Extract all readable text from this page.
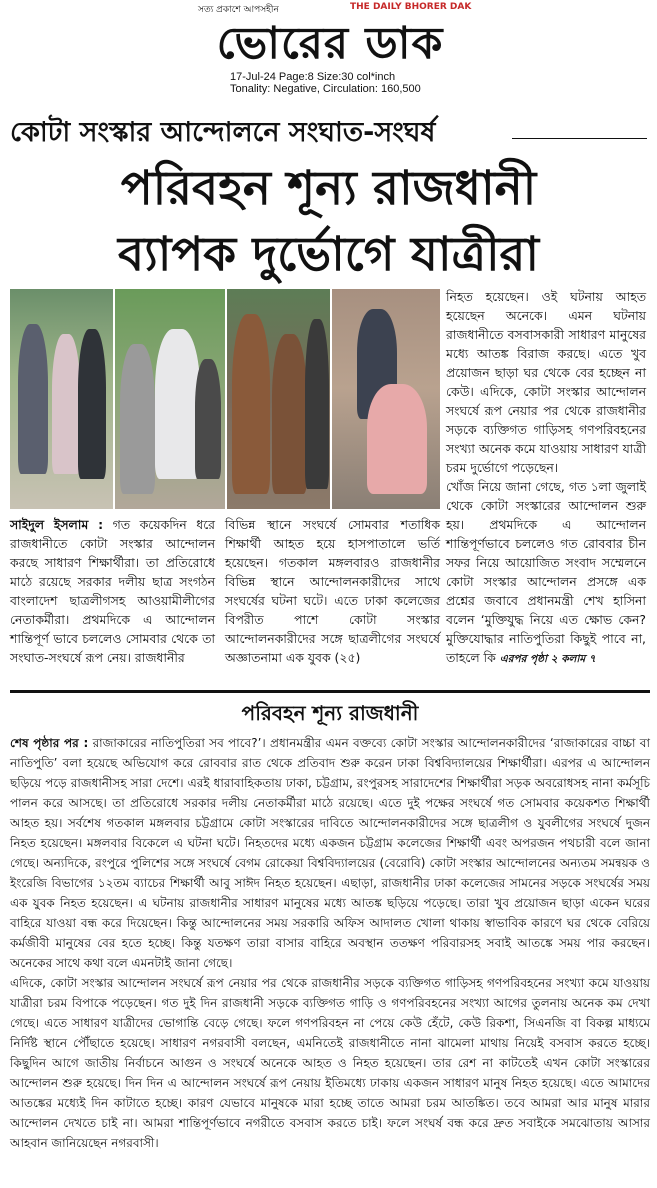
সত্য প্রকাশে আপসহীন	THE DAILY BHORER DAK
ভোরের ডাক
17-Jul-24 Page:8 Size:30 col*inch
Tonality: Negative, Circulation: 160,500
কোটা সংস্কার আন্দোলনে সংঘাত-সংঘর্ষ
পরিবহন শূন্য রাজধানী
ব্যাপক দুর্ভোগে যাত্রীরা

সাইদুল ইসলাম : গত কয়েকদিন ধরে রাজধানীতে কোটা সংস্কার আন্দোলন করছে সাধারণ শিক্ষার্থীরা। তা প্রতিরোধে মাঠে রয়েছে সরকার দলীয় ছাত্র সংগঠন বাংলাদেশ ছাত্রলীগসহ আওয়ামীলীগের নেতাকর্মীরা। প্রথমদিকে এ আন্দোলন শান্তিপূর্ণ ভাবে চললেও সোমবার থেকে তা সংঘাত-সংঘর্ষে রূপ নেয়। রাজধানীর

বিভিন্ন স্থানে সংঘর্ষে সোমবার শতাধিক শিক্ষার্থী আহত হয়ে হাসপাতালে ভর্তি হয়েছেন। গতকাল মঙ্গলবারও রাজধানীর বিভিন্ন স্থানে আন্দোলনকারীদের সাথে সংঘর্ষের ঘটনা ঘটে। এতে ঢাকা কলেজের বিপরীত পাশে কোটা সংস্কার আন্দোলনকারীদের সঙ্গে ছাত্রলীগের সংঘর্ষে অজ্ঞাতনামা এক যুবক (২৫)

নিহত হয়েছেন। ওই ঘটনায় আহত হয়েছেন অনেকে। এমন ঘটনায় রাজধানীতে বসবাসকারী সাধারণ মানুষের মধ্যে আতঙ্ক বিরাজ করছে। এতে খুব প্রয়োজন ছাড়া ঘর থেকে বের হচ্ছেন না কেউ। এদিকে, কোটা সংস্কার আন্দোলন সংঘর্ষে রূপ নেয়ার পর থেকে রাজধানীর সড়কে ব্যক্তিগত গাড়িসহ গণপরিবহনের সংখ্যা অনেক কমে যাওয়ায় সাধারণ যাত্রী চরম দুর্ভোগে পড়েছেন।

খোঁজ নিয়ে জানা গেছে, গত ১লা জুলাই থেকে কোটা সংস্কারের আন্দোলন শুরু হয়। প্রথমদিকে এ আন্দোলন শান্তিপূর্ণভাবে চললেও গত রোববার চীন সফর নিয়ে আয়োজিত সংবাদ সম্মেলনে কোটা সংস্কার আন্দোলন প্রসঙ্গে এক প্রশ্নের জবাবে প্রধানমন্ত্রী শেখ হাসিনা বলেন ‘মুক্তিযুদ্ধ নিয়ে এত ক্ষোভ কেন? মুক্তিযোদ্ধার নাতিপুতিরা কিছুই পাবে না, তাহলে কি এরপর পৃষ্ঠা ২ কলাম ৭

পরিবহন শূন্য রাজধানী

শেষ পৃষ্ঠার পর : রাজাকারের নাতিপুতিরা সব পাবে?’। প্রধানমন্ত্রীর এমন বক্তব্যে কোটা সংস্কার আন্দোলনকারীদের ‘রাজাকারের বাচ্চা বা নাতিপুতি’ বলা হয়েছে অভিযোগ করে রোববার রাত থেকে প্রতিবাদ শুরু করেন ঢাকা বিশ্ববিদ্যালয়ের শিক্ষার্থীরা। এরপর এ আন্দোলন ছড়িয়ে পড়ে রাজধানীসহ সারা দেশে। এরই ধারাবাহিকতায় ঢাকা, চট্টগ্রাম, রংপুরসহ সারাদেশের শিক্ষার্থীরা সড়ক অবরোধসহ নানা কর্মসূচি পালন করে আসছে। তা প্রতিরোধে সরকার দলীয় নেতাকর্মীরা মাঠে রয়েছে। এতে দুই পক্ষের সংঘর্ষে গত সোমবার কয়েকশত শিক্ষার্থী আহত হয়। সর্বশেষ গতকাল মঙ্গলবার চট্টগ্রামে কোটা সংস্কারের দাবিতে আন্দোলনকারীদের সঙ্গে ছাত্রলীগ ও যুবলীগের সংঘর্ষে দুজন নিহত হয়েছেন। মঙ্গলবার বিকেলে এ ঘটনা ঘটে। নিহতদের মধ্যে একজন চট্টগ্রাম কলেজের শিক্ষার্থী এবং অপরজন পথচারী বলে জানা গেছে। অন্যদিকে, রংপুরে পুলিশের সঙ্গে সংঘর্ষে বেগম রোকেয়া বিশ্ববিদ্যালয়ের (বেরোবি) কোটা সংস্কার আন্দোলনের অন্যতম সমন্বয়ক ও ইংরেজি বিভাগের ১২তম ব্যাচের শিক্ষার্থী আবু সাঈদ নিহত হয়েছেন। এছাড়া, রাজধানীর ঢাকা কলেজের সামনের সড়কে সংঘর্ষের সময় এক যুবক নিহত হয়েছেন। এ ঘটনায় রাজধানীর সাধারণ মানুষের মধ্যে আতঙ্ক ছড়িয়ে পড়েছে। তারা খুব প্রয়োজন ছাড়া একেন ঘরের বাহিরে যাওয়া বন্ধ করে দিয়েছেন। কিন্তু আন্দোলনের সময় সরকারি অফিস আদালত খোলা থাকায় স্বাভাবিক কারণে ঘর থেকে বেরিয়ে কর্মজীবী মানুষের বের হতে হচ্ছে। কিন্তু যতক্ষণ তারা বাসার বাহিরে অবস্থান তত‌ক্ষণ পরিবারসহ সবাই আতঙ্কে সময় পার করছেন। অনেকের সাথে কথা বলে এমনটাই জানা গেছে।

এদিকে, কোটা সংস্কার আন্দোলন সংঘর্ষে রূপ নেয়ার পর থেকে রাজধানীর সড়কে ব্যক্তিগত গাড়িসহ গণপরিবহনের সংখ্যা কমে যাওয়ায় যাত্রীরা চরম বিপাকে পড়েছেন। গত দুই দিন রাজধানী সড়কে ব্যক্তিগত গাড়ি ও গণপরিবহনের সংখ্যা আগের তুলনায় অনেক কম দেখা গেছে। এতে সাধারণ যাত্রীদের ভোগান্তি বেড়ে গেছে। ফলে গণপরিবহন না পেয়ে কেউ হেঁটে, কেউ রিকশা, সিএনজি বা বিকল্প মাধ্যমে নির্দিষ্ট স্থানে পৌঁছাতে হয়েছে। সাধারণ নগরবাসী বলছেন, এমনিতেই রাজধানীতে নানা ঝামেলা মাথায় নিয়েই বসবাস করতে হচ্ছে। কিছুদিন আগে জাতীয় নির্বাচনে আগুন ও সংঘর্ষে অনেকে আহত ও নিহত হয়েছেন। তার রেশ না কাটতেই এখন কোটা সংস্কারের আন্দোলন শুরু হয়েছে। দিন দিন এ আন্দোলন সংঘর্ষে রূপ নেয়ায় ইতিমধ্যে ঢাকায় একজন সাধারণ মানুষ নিহত হয়েছে। এতে আমাদের আতঙ্কের মধ্যেই দিন কাটাতে হচ্ছে। কারণ যেভাবে মানুষকে মারা হচ্ছে তাতে আমরা চরম আতঙ্কিত। তবে আমরা আর মানুষ মারার আন্দোলন দেখতে চাই না। আমরা শান্তিপূর্ণভাবে নগরীতে বসবাস করতে চাই। ফলে সংঘর্ষ বন্ধ করে দ্রুত সবাইকে সমঝোতায় আসার আহবান জানিয়েছেন নগরবাসী।
